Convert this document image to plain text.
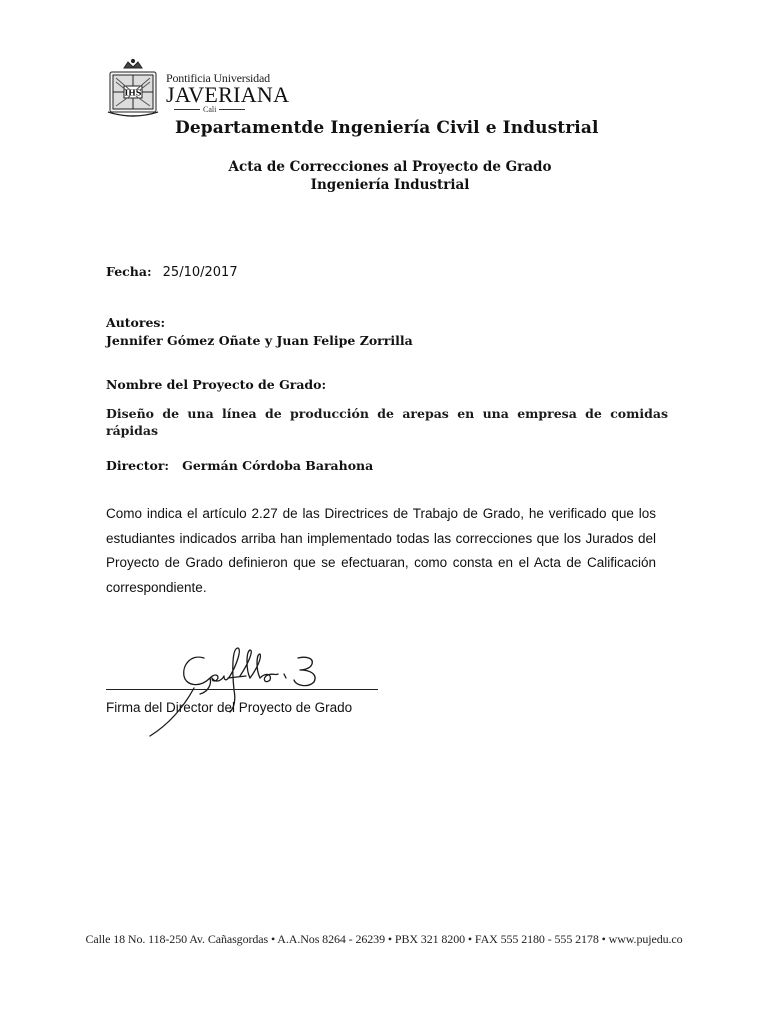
IHS
Pontificia Universidad
JAVERIANA
Cali
Departamentde Ingeniería Civil e Industrial
Acta de Correcciones al Proyecto de Grado
Ingeniería Industrial
Fecha: 25/10/2017
Autores:
Jennifer Gómez Oñate y Juan Felipe Zorrilla
Nombre del Proyecto de Grado:
Diseño de una línea de producción de arepas en una empresa de comidas rápidas
Director: Germán Córdoba Barahona
Como indica el artículo 2.27 de las Directrices de Trabajo de Grado, he verificado que los estudiantes indicados arriba han implementado todas las correcciones que los Jurados del Proyecto de Grado definieron que se efectuaran, como consta en el Acta de Calificación correspondiente.
Firma del Director del Proyecto de Grado
Calle 18 No. 118-250 Av. Cañasgordas • A.A.Nos 8264 - 26239 • PBX 321 8200 • FAX 555 2180 - 555 2178 • www.pujedu.co
